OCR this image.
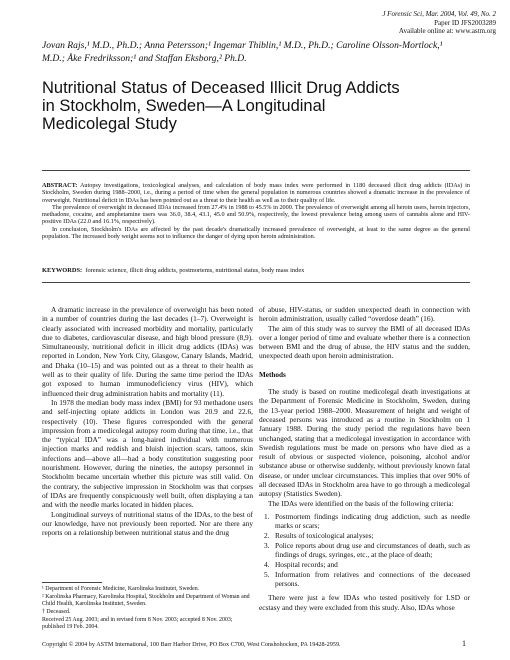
J Forensic Sci, Mar. 2004, Vol. 49, No. 2
Paper ID JFS2003289
Available online at: www.astm.org
Jovan Rajs,¹ M.D., Ph.D.; Anna Petersson;¹ Ingemar Thiblin,¹ M.D., Ph.D.; Caroline Olsson-Mortlock,¹
M.D.; Åke Fredriksson;¹ and Staffan Eksborg,² Ph.D.
Nutritional Status of Deceased Illicit Drug Addicts
in Stockholm, Sweden—A Longitudinal
Medicolegal Study

ABSTRACT: Autopsy investigations, toxicological analyses, and calculation of body mass index were performed in 1180 deceased illicit drug addicts (IDAs) in Stockholm, Sweden during 1988–2000, i.e., during a period of time when the general population in numerous countries showed a dramatic increase in the prevalence of overweight. Nutritional deficit in IDAs has been pointed out as a threat to their health as well as to their quality of life.

The prevalence of overweight in deceased IDAs increased from 27.4% in 1988 to 45.5% in 2000. The prevalence of overweight among all heroin users, heroin injectors, methadone, cocaine, and amphetamine users was 36.0, 38.4, 43.1, 45.0 and 50.9%, respectively, the lowest prevalence being among users of cannabis alone and HIV-positive IDAs (22.0 and 16.1%, respectively).

In conclusion, Stockholm's IDAs are affected by the past decade's dramatically increased prevalence of overweight, at least to the same degree as the general population. The increased body weight seems not to influence the danger of dying upon heroin administration.

KEYWORDS: forensic science, illicit drug addicts, postmortems, nutritional status, body mass index

A dramatic increase in the prevalence of overweight has been noted in a number of countries during the last decades (1–7). Overweight is clearly associated with increased morbidity and mortality, particularly due to diabetes, cardiovascular disease, and high blood pressure (8,9). Simultaneously, nutritional deficit in illicit drug addicts (IDAs) was reported in London, New York City, Glasgow, Canary Islands, Madrid, and Dhaka (10–15) and was pointed out as a threat to their health as well as to their quality of life. During the same time period the IDAs got exposed to human immunodeficiency virus (HIV), which influenced their drug administration habits and mortality (11).

In 1978 the median body mass index (BMI) for 93 methadone users and self-injecting opiate addicts in London was 20.9 and 22.6, respectively (10). These figures corresponded with the general impression from a medicolegal autopsy room during that time, i.e., that the “typical IDA” was a long-haired individual with numerous injection marks and reddish and bluish injection scars, tattoos, skin infections and—above all—had a body constitution suggesting poor nourishment. However, during the nineties, the autopsy personnel in Stockholm became uncertain whether this picture was still valid. On the contrary, the subjective impression in Stockholm was that corpses of IDAs are frequently conspicuously well built, often displaying a tan and with the needle marks located in hidden places.

Longitudinal surveys of nutritional status of the IDAs, to the best of our knowledge, have not previously been reported. Nor are there any reports on a relationship between nutritional status and the drug

of abuse, HIV-status, or sudden unexpected death in connection with heroin administration, usually called “overdose death” (16).

The aim of this study was to survey the BMI of all deceased IDAs over a longer period of time and evaluate whether there is a connection between BMI and the drug of abuse, the HIV status and the sudden, unexpected death upon heroin administration.

Methods

The study is based on routine medicolegal death investigations at the Department of Forensic Medicine in Stockholm, Sweden, during the 13-year period 1988–2000. Measurement of height and weight of deceased persons was introduced as a routine in Stockholm on 1 January 1988. During the study period the regulations have been unchanged, stating that a medicolegal investigation in accordance with Swedish regulations must be made on persons who have died as a result of obvious or suspected violence, poisoning, alcohol and/or substance abuse or otherwise suddenly, without previously known fatal disease, or under unclear circumstances. This implies that over 90% of all deceased IDAs in Stockholm area have to go through a medicolegal autopsy (Statistics Sweden).

The IDAs were identified on the basis of the following criteria:

1. Postmortem findings indicating drug addiction, such as needle marks or scars;
2. Results of toxicological analyses;
3. Police reports about drug use and circumstances of death, such as findings of drugs, syringes, etc., at the place of death;
4. Hospital records; and
5. Information from relatives and connections of the deceased persons.

There were just a few IDAs who tested positively for LSD or ecstasy and they were excluded from this study. Also, IDAs whose

¹ Department of Forensic Medicine, Karolinska Institutet, Sweden.

² Karolinska Pharmacy, Karolinska Hospital, Stockholm and Department of Woman and Child Health, Karolinska Institutet, Sweden.

† Deceased.

Received 25 Aug. 2003; and in revised form 8 Nov. 2003; accepted 8 Nov. 2003; published 19 Feb. 2004.

Copyright © 2004 by ASTM International, 100 Barr Harbor Drive, PO Box C700, West Conshohocken, PA 19428-2959.	1
